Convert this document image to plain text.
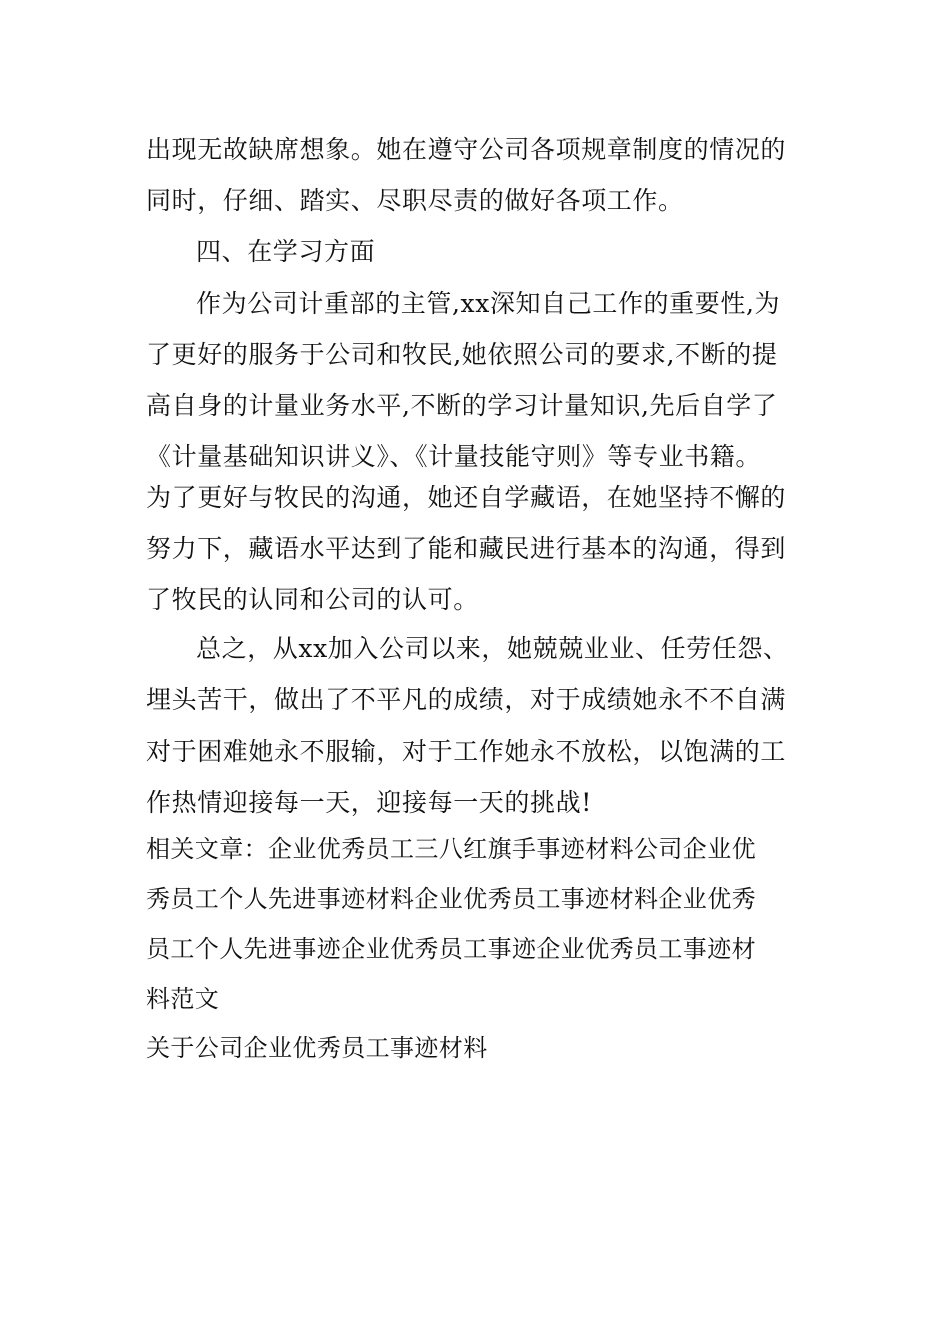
出现无故缺席想象。她在遵守公司各项规章制度的情况的
同时，仔细、踏实、尽职尽责的做好各项工作。
四、在学习方面
作为公司计重部的主管,xx深知自己工作的重要性,为
了更好的服务于公司和牧民,她依照公司的要求,不断的提
高自身的计量业务水平,不断的学习计量知识,先后自学了
《计量基础知识讲义》、《计量技能守则》等专业书籍。
为了更好与牧民的沟通，她还自学藏语，在她坚持不懈的
努力下，藏语水平达到了能和藏民进行基本的沟通，得到
了牧民的认同和公司的认可。
总之，从xx加入公司以来，她兢兢业业、任劳任怨、
埋头苦干，做出了不平凡的成绩，对于成绩她永不不自满
对于困难她永不服输，对于工作她永不放松，以饱满的工
作热情迎接每一天，迎接每一天的挑战!
相关文章：企业优秀员工三八红旗手事迹材料公司企业优
秀员工个人先进事迹材料企业优秀员工事迹材料企业优秀
员工个人先进事迹企业优秀员工事迹企业优秀员工事迹材
料范文
关于公司企业优秀员工事迹材料
